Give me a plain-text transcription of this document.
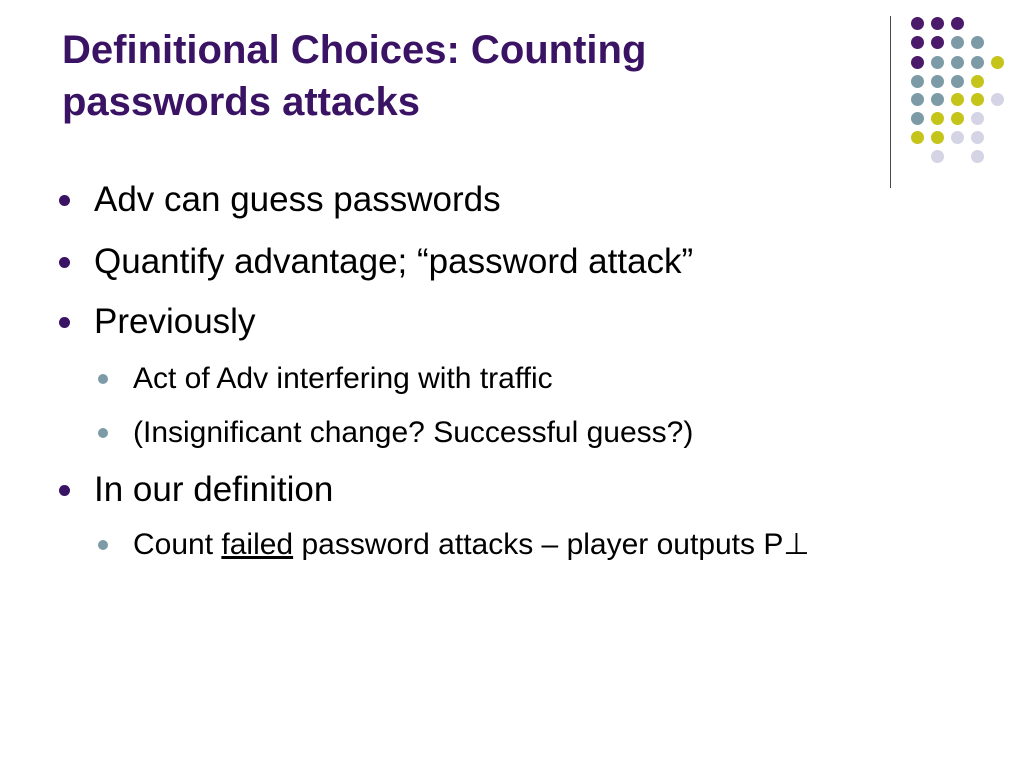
Definitional Choices: Counting
passwords attacks
Adv can guess passwords
Quantify advantage; “password attack”
Previously
Act of Adv interfering with traffic
(Insignificant change? Successful guess?)
In our definition
Count failed password attacks – player outputs P⊥
